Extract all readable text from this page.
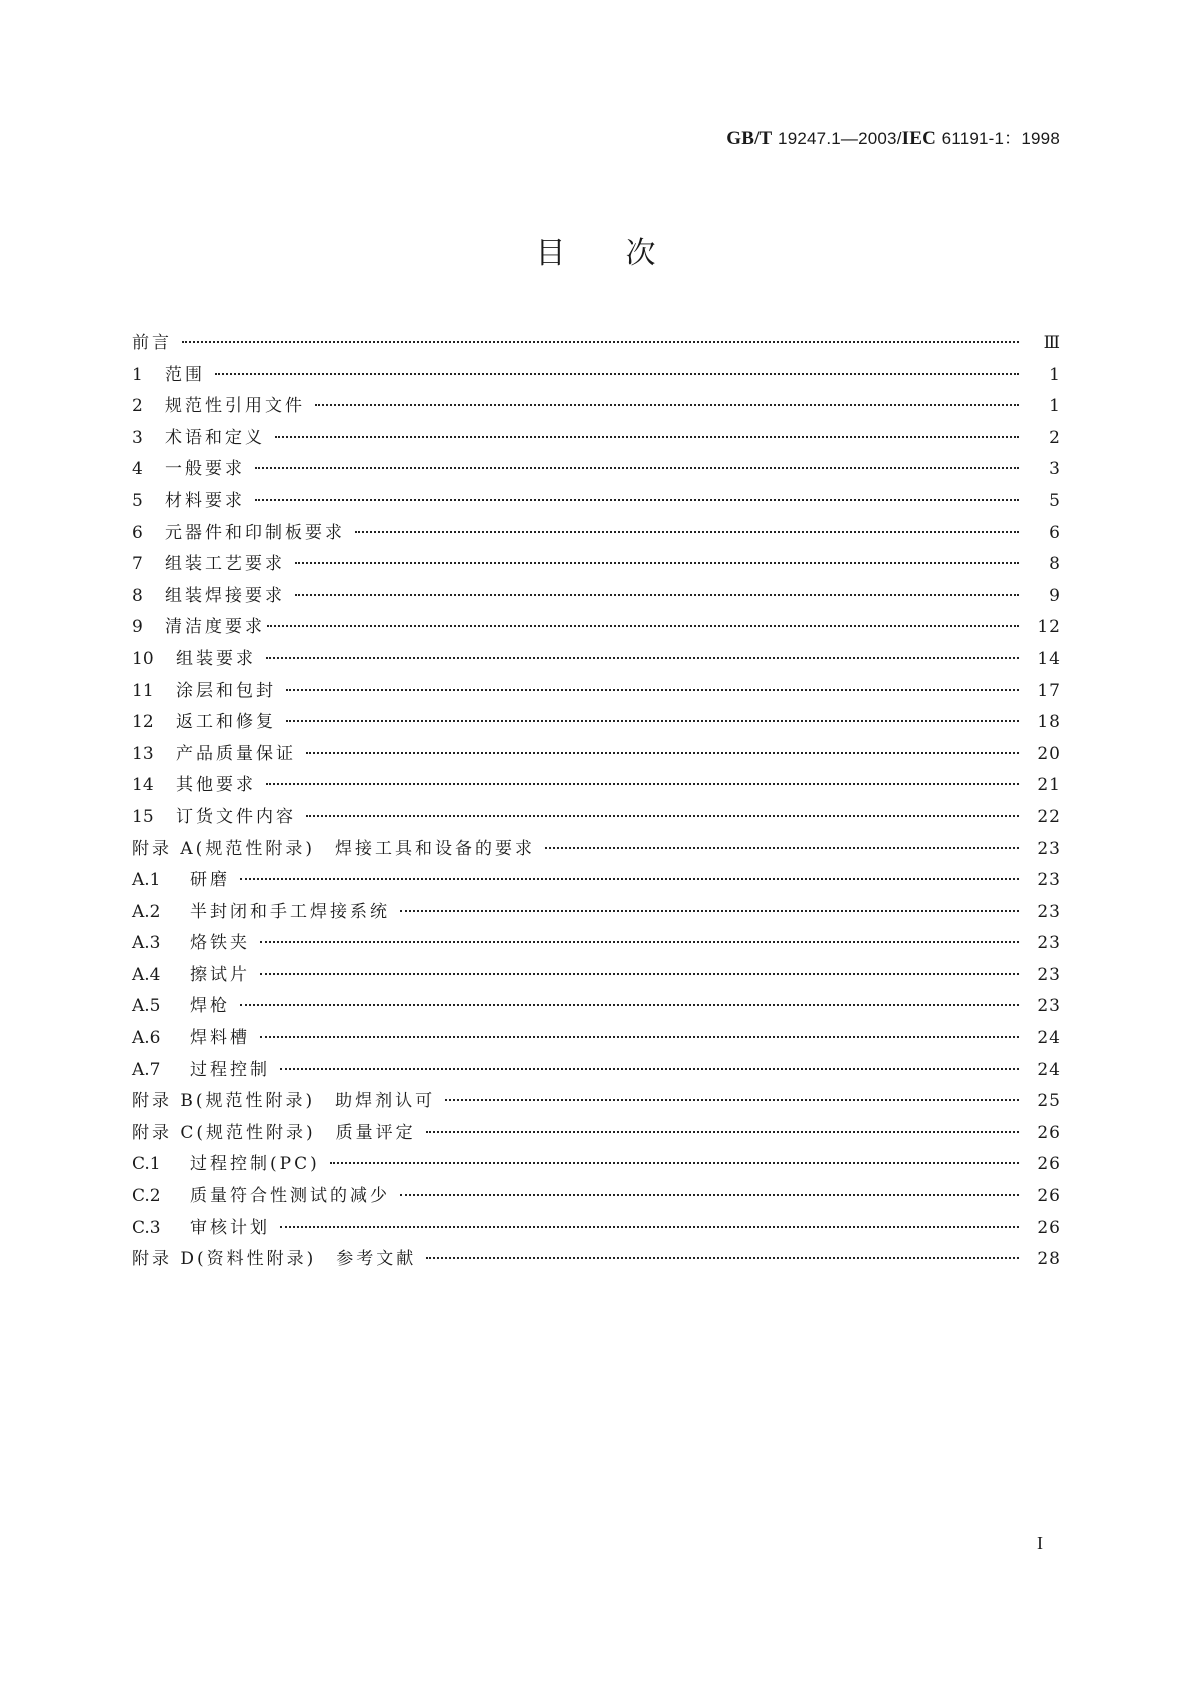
GB/T 19247.1—2003/IEC 61191-1：1998
目次
前言	Ⅲ
1 范围	1
2 规范性引用文件	1
3 术语和定义	2
4 一般要求	3
5 材料要求	5
6 元器件和印制板要求	6
7 组装工艺要求	8
8 组装焊接要求	9
9 清洁度要求	12
10 组装要求	14
11 涂层和包封	17
12 返工和修复	18
13 产品质量保证	20
14 其他要求	21
15 订货文件内容	22
附录 A(规范性附录)　焊接工具和设备的要求	23
A.1 研磨	23
A.2 半封闭和手工焊接系统	23
A.3 烙铁夹	23
A.4 擦试片	23
A.5 焊枪	23
A.6 焊料槽	24
A.7 过程控制	24
附录 B(规范性附录)　助焊剂认可	25
附录 C(规范性附录)　质量评定	26
C.1 过程控制(PC)	26
C.2 质量符合性测试的减少	26
C.3 审核计划	26
附录 D(资料性附录)　参考文献	28
I
